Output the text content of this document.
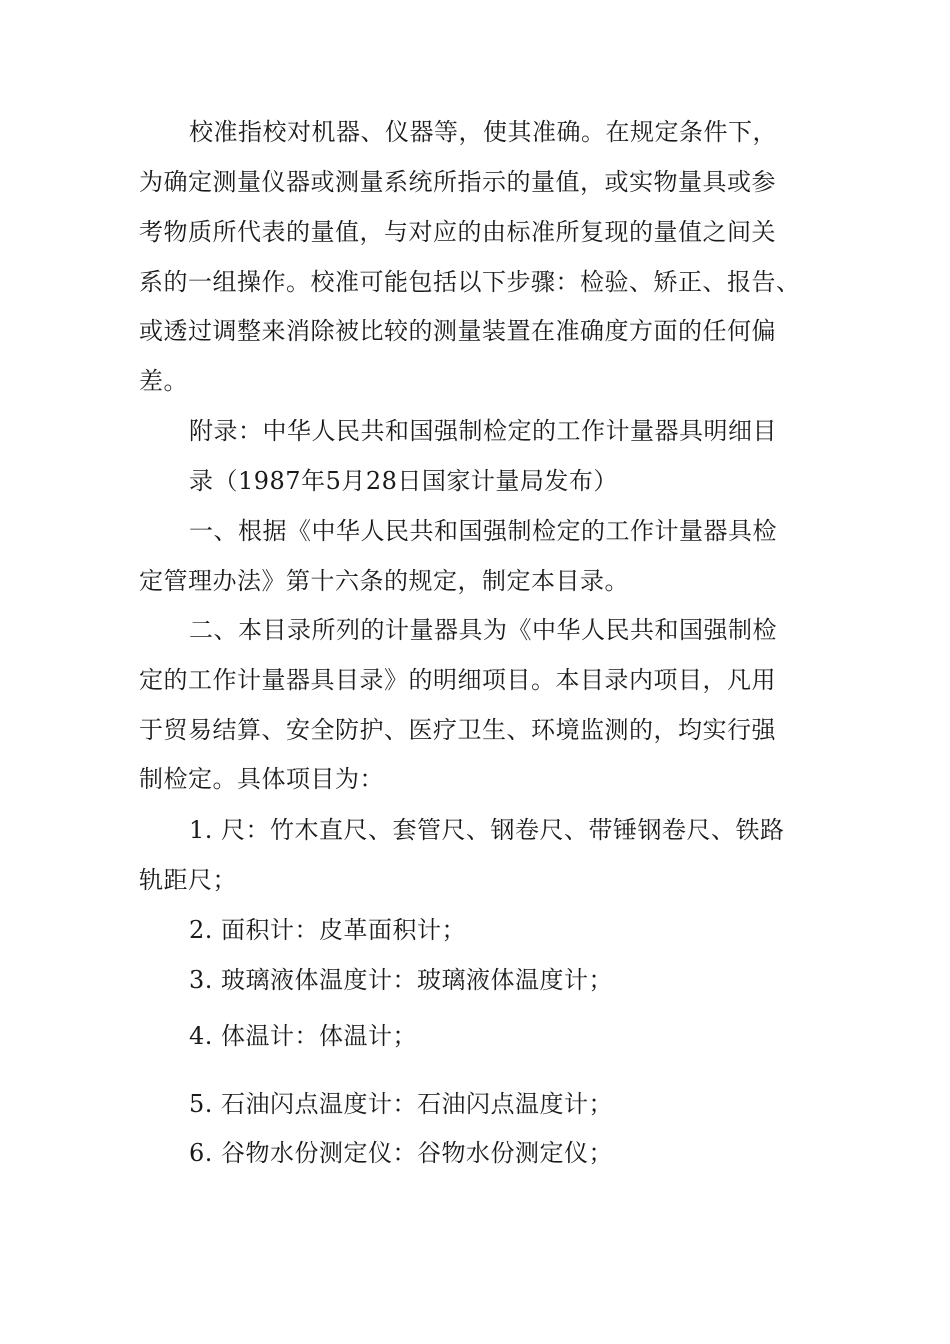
校准指校对机器、仪器等，使其准确。在规定条件下，
为确定测量仪器或测量系统所指示的量值，或实物量具或参
考物质所代表的量值，与对应的由标准所复现的量值之间关
系的一组操作。校准可能包括以下步骤：检验、矫正、报告、
或透过调整来消除被比较的测量装置在准确度方面的任何偏
差。
附录：中华人民共和国强制检定的工作计量器具明细目
录（1987年5月28日国家计量局发布）
一、根据《中华人民共和国强制检定的工作计量器具检
定管理办法》第十六条的规定，制定本目录。
二、本目录所列的计量器具为《中华人民共和国强制检
定的工作计量器具目录》的明细项目。本目录内项目，凡用
于贸易结算、安全防护、医疗卫生、环境监测的，均实行强
制检定。具体项目为：
1. 尺：竹木直尺、套管尺、钢卷尺、带锤钢卷尺、铁路
轨距尺；
2. 面积计：皮革面积计；
3. 玻璃液体温度计：玻璃液体温度计；
4. 体温计：体温计；
5. 石油闪点温度计：石油闪点温度计；
6. 谷物水份测定仪：谷物水份测定仪；
